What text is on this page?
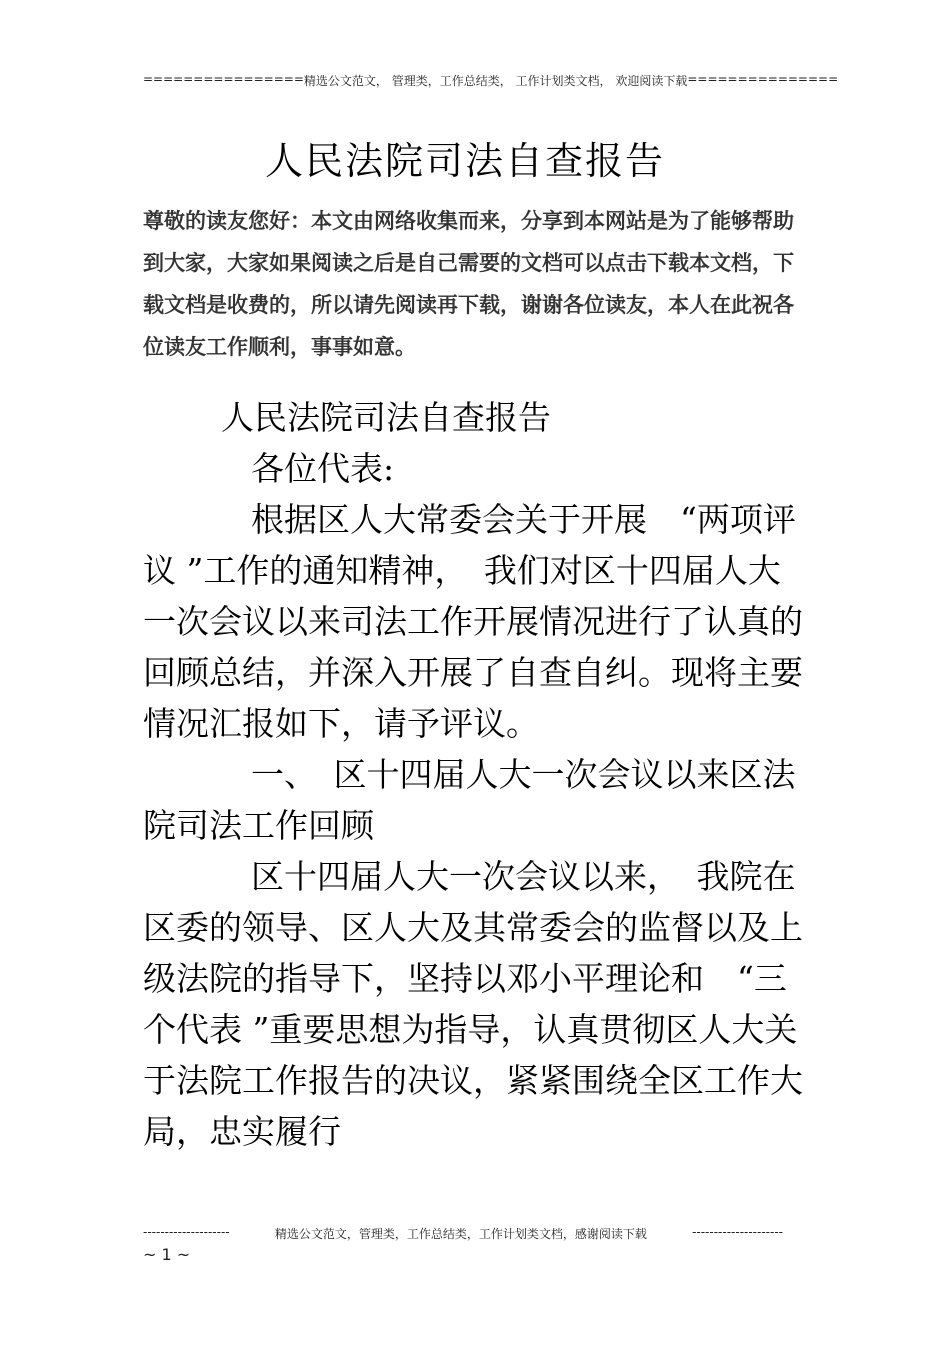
================ 精选公文范文， 管理类，工作总结类， 工作计划类文档， 欢迎阅读下载 ===============
人民法院司法自查报告
尊敬的读友您好：本文由网络收集而来，分享到本网站是为了能够帮助到大家，大家如果阅读之后是自己需要的文档可以点击下载本文档，下载文档是收费的，所以请先阅读再下载，谢谢各位读友，本人在此祝各位读友工作顺利，事事如意。

人民法院司法自查报告

各位代表:

根据区人大常委会关于开展　“两项评议 ”工作的通知精神，　我们对区十四届人大一次会议以来司法工作开展情况进行了认真的回顾总结，并深入开展了自查自纠。现将主要情况汇报如下，请予评议。

一、　区十四届人大一次会议以来区法院司法工作回顾

区十四届人大一次会议以来，　我院在区委的领导、区人大及其常委会的监督以及上级法院的指导下，坚持以邓小平理论和　“三个代表 ”重要思想为指导，认真贯彻区人大关于法院工作报告的决议，紧紧围绕全区工作大局，忠实履行

--------------------	精选公文范文，管理类，工作总结类，工作计划类文档，感谢阅读下载	---------------------
~ 1 ~
